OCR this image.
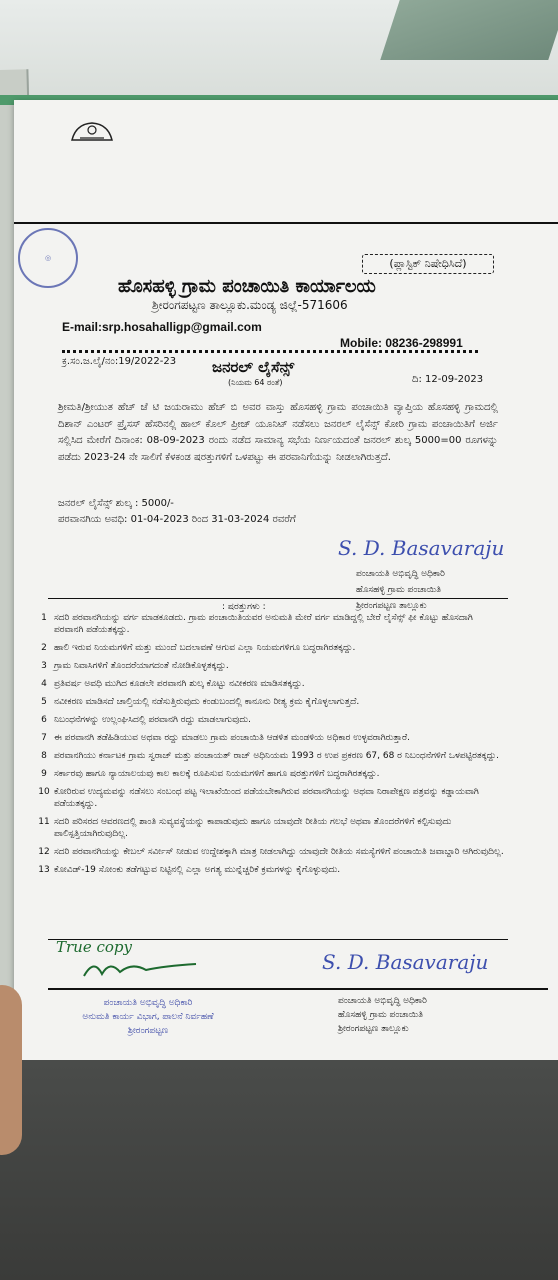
◎	(ಪ್ಲಾಸ್ಟಿಕ್ ನಿಷೇಧಿಸಿದೆ)
ಹೊಸಹಳ್ಳಿ ಗ್ರಾಮ ಪಂಚಾಯಿತಿ ಕಾರ್ಯಾಲಯ
ಶ್ರೀರಂಗಪಟ್ಟಣ ತಾಲ್ಲೂಕು.ಮಂಡ್ಯ ಜಿಲ್ಲೆ-571606
E-mail:srp.hosahalligp@gmail.com
Mobile: 08236-298991
ಕ್ರ.ಸಂ.ಜ.ಲೈ/ನಂ:19/2022-23 ಜನರಲ್ ಲೈಸೆನ್ಸ್
(ನಿಯಮ 64 ರಂತೆ)	ದಿ: 12-09-2023
ಶ್ರೀಮತಿ/ಶ್ರೀಯುತ ಹೆಚ್ ಜೆ ಟಿ ಜಯರಾಮು ಹೆಚ್ ಬಿ ಅವರ ವಾಸ್ತು ಹೊಸಹಳ್ಳಿ ಗ್ರಾಮ ಪಂಚಾಯಿತಿ ವ್ಯಾಪ್ತಿಯ ಹೊಸಹಳ್ಳಿ ಗ್ರಾಮದಲ್ಲಿ ದಿಶಾನ್ ಎಂಟರ್ ಪ್ರೈಸಸ್ ಹೆಸರಿನಲ್ಲಿ ಹಾಲ್ ಕೊಲ್ ಪ್ರೀಜ್ ಯೂನಿಟ್ ನಡೆಸಲು ಜನರಲ್ ಲೈಸೆನ್ಸ್ ಕೋರಿ ಗ್ರಾಮ ಪಂಚಾಯಿತಿಗೆ ಅರ್ಜಿ ಸಲ್ಲಿಸಿದ ಮೇರೆಗೆ ದಿನಾಂಕ: 08-09-2023 ರಂದು ನಡೆದ ಸಾಮಾನ್ಯ ಸಭೆಯ ನಿರ್ಣಯದಂತೆ ಜನರಲ್ ಶುಲ್ಕ 5000=00 ರೂಗಳನ್ನು ಪಡೆದು 2023-24 ನೇ ಸಾಲಿಗೆ ಕೆಳಕಂಡ ಷರತ್ತುಗಳಿಗೆ ಒಳಪಟ್ಟು ಈ ಪರವಾನಿಗೆಯನ್ನು ನೀಡಲಾಗಿರುತ್ತದೆ.
ಜನರಲ್ ಲೈಸೆನ್ಸ್ ಶುಲ್ಕ : 5000/-
ಪರವಾನಗಿಯ ಅವಧಿ: 01-04-2023 ರಿಂದ 31-03-2024 ರವರೆಗೆ
S. D. Basavaraju
ಪಂಚಾಯತಿ ಅಭಿವೃದ್ಧಿ ಅಧಿಕಾರಿ
ಹೊಸಹಳ್ಳಿ ಗ್ರಾಮ ಪಂಚಾಯಿತಿ
ಶ್ರೀರಂಗಪಟ್ಟಣ ತಾಲ್ಲೂಕು
: ಷರತ್ತುಗಳು :
1 ಸದರಿ ಪರವಾನಗಿಯನ್ನು ವರ್ಗ ಮಾಡಕೂಡದು. ಗ್ರಾಮ ಪಂಚಾಯಿತಿಯವರ ಅನುಮತಿ ಮೇರೆ ವರ್ಗ ಮಾಡಿದ್ದಲ್ಲಿ ಬೇರೆ ಲೈಸೆನ್ಸ್ ಫೀ ಕೊಟ್ಟು ಹೊಸದಾಗಿ ಪರವಾನಗಿ ಪಡೆಯತಕ್ಕದ್ದು.
2 ಹಾಲಿ ಇರುವ ನಿಯಮಗಳಿಗೆ ಮತ್ತು ಮುಂದೆ ಬದಲಾವಣೆ ಆಗುವ ಎಲ್ಲಾ ನಿಯಮಗಳಿಗೂ ಬದ್ಧರಾಗಿರತಕ್ಕದ್ದು.
3 ಗ್ರಾಮ ನಿವಾಸಿಗಳಿಗೆ ತೊಂದರೆಯಾಗದಂತೆ ನೋಡಿಕೊಳ್ಳತಕ್ಕದ್ದು.
4 ಪ್ರತಿವರ್ಷ ಅವಧಿ ಮುಗಿದ ಕೂಡಲೇ ಪರವಾನಗಿ ಶುಲ್ಕ ಕೊಟ್ಟು ನವೀಕರಣ ಮಾಡಿಸತಕ್ಕದ್ದು.
5 ನವೀಕರಣ ಮಾಡಿಸದೆ ಚಾಲ್ತಿಯಲ್ಲಿ ನಡೆಸುತ್ತಿರುವುದು ಕಂಡುಬಂದಲ್ಲಿ ಕಾನೂನು ರೀತ್ಯ ಕ್ರಮ ಕೈಗೊಳ್ಳಲಾಗುತ್ತದೆ.
6 ನಿಬಂಧನೆಗಳನ್ನು ಉಲ್ಲಂಘಿಸಿದಲ್ಲಿ ಪರವಾನಗಿ ರದ್ದು ಮಾಡಲಾಗುವುದು.
7 ಈ ಪರವಾನಗಿ ತಡೆಹಿಡಿಯುವ ಅಥವಾ ರದ್ದು ಮಾಡಲು ಗ್ರಾಮ ಪಂಚಾಯಿತಿ ಆಡಳಿತ ಮಂಡಳಿಯ ಅಧಿಕಾರ ಉಳ್ಳವರಾಗಿರುತ್ತಾರೆ.
8 ಪರವಾನಗಿಯು ಕರ್ನಾಟಕ ಗ್ರಾಮ ಸ್ವರಾಜ್ ಮತ್ತು ಪಂಚಾಯತ್ ರಾಜ್ ಅಧಿನಿಯಮ 1993 ರ ಉಪ ಪ್ರಕರಣ 67, 68 ರ ನಿಬಂಧನೆಗಳಿಗೆ ಒಳಪಟ್ಟಿರತಕ್ಕದ್ದು.
9 ಸರ್ಕಾರವು ಹಾಗೂ ನ್ಯಾಯಾಲಯವು ಕಾಲ ಕಾಲಕ್ಕೆ ರೂಪಿಸುವ ನಿಯಮಗಳಿಗೆ ಹಾಗೂ ಷರತ್ತುಗಳಿಗೆ ಬದ್ಧರಾಗಿರತಕ್ಕದ್ದು.
10 ಕೋರಿರುವ ಉದ್ಯಮವನ್ನು ನಡೆಸಲು ಸಂಬಂಧ ಪಟ್ಟ ಇಲಾಖೆಯಿಂದ ಪಡೆಯಬೇಕಾಗಿರುವ ಪರವಾನಗಿಯನ್ನು ಅಥವಾ ನಿರಾಪೇಕ್ಷಣ ಪತ್ರವನ್ನು ಕಡ್ಡಾಯವಾಗಿ ಪಡೆಯತಕ್ಕದ್ದು.
11 ಸದರಿ ಪರಿಸರದ ಆವರಣದಲ್ಲಿ ಶಾಂತಿ ಸುವ್ಯವಸ್ಥೆಯನ್ನು ಕಾಪಾಡುವುದು ಹಾಗೂ ಯಾವುದೇ ರೀತಿಯ ಗಲಭೆ ಅಥವಾ ತೊಂದರೆಗಳಿಗೆ ಕಲ್ಪಿಸುವುದು ಪಾಲಿಸ್ಪತ್ತಿಯಾಗಿರುವುದಿಲ್ಲ.
12 ಸದರಿ ಪರವಾನಗಿಯನ್ನು ಕೇಬಲ್ ಸರ್ವೀಸ್ ನೀಡುವ ಉದ್ದೇಶಕ್ಕಾಗಿ ಮಾತ್ರ ನೀಡಲಾಗಿದ್ದು ಯಾವುದೇ ರೀತಿಯ ಸಮಸ್ಯೆಗಳಿಗೆ ಪಂಚಾಯಿತಿ ಜವಾಬ್ದಾರಿ ಆಗಿರುವುದಿಲ್ಲ.
13 ಕೋವಿಡ್-19 ಸೋಂಕು ತಡೆಗಟ್ಟುವ ನಿಟ್ಟಿನಲ್ಲಿ ಎಲ್ಲಾ ಅಗತ್ಯ ಮುನ್ನೆಚ್ಚರಿಕೆ ಕ್ರಮಗಳನ್ನು ಕೈಗೊಳ್ಳುವುದು.
True copy
S. D. Basavaraju
ಪಂಚಾಯತಿ ಅಭಿವೃದ್ಧಿ ಅಧಿಕಾರಿ
ಅನುಮತಿ ಕಾರ್ಯ ವಿಭಾಗ, ಪಾಲನೆ ನಿರ್ವಹಣೆ
ಶ್ರೀರಂಗಪಟ್ಟಣ
ಪಂಚಾಯತಿ ಅಭಿವೃದ್ಧಿ ಅಧಿಕಾರಿ
ಹೊಸಹಳ್ಳಿ ಗ್ರಾಮ ಪಂಚಾಯಿತಿ
ಶ್ರೀರಂಗಪಟ್ಟಣ ತಾಲ್ಲೂಕು
